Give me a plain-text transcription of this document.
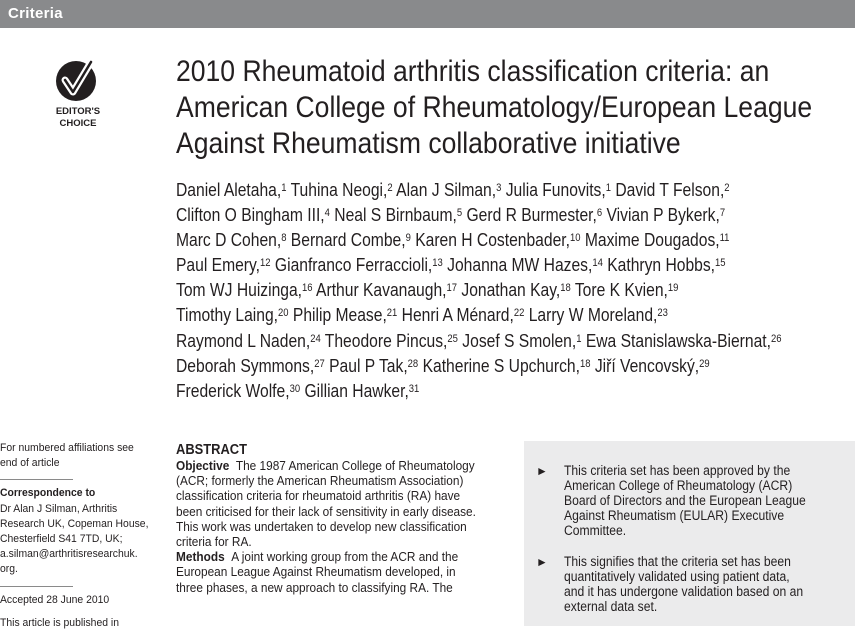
Criteria
EDITOR'S
CHOICE
2010 Rheumatoid arthritis classification criteria: an
American College of Rheumatology/European League
Against Rheumatism collaborative initiative
Daniel Aletaha,$^1$ Tuhina Neogi,$^2$ Alan J Silman,$^3$ Julia Funovits,$^1$ David T Felson,$^2$
Clifton O Bingham III,$^4$ Neal S Birnbaum,$^5$ Gerd R Burmester,$^6$ Vivian P Bykerk,$^7$
Marc D Cohen,$^8$ Bernard Combe,$^9$ Karen H Costenbader,$^{10}$ Maxime Dougados,$^{11}$
Paul Emery,$^{12}$ Gianfranco Ferraccioli,$^{13}$ Johanna MW Hazes,$^{14}$ Kathryn Hobbs,$^{15}$
Tom WJ Huizinga,$^{16}$ Arthur Kavanaugh,$^{17}$ Jonathan Kay,$^{18}$ Tore K Kvien,$^{19}$
Timothy Laing,$^{20}$ Philip Mease,$^{21}$ Henri A Ménard,$^{22}$ Larry W Moreland,$^{23}$
Raymond L Naden,$^{24}$ Theodore Pincus,$^{25}$ Josef S Smolen,$^1$ Ewa Stanislawska-Biernat,$^{26}$
Deborah Symmons,$^{27}$ Paul P Tak,$^{28}$ Katherine S Upchurch,$^{18}$ Jiří Vencovský,$^{29}$
Frederick Wolfe,$^{30}$ Gillian Hawker,$^{31}$
For numbered affiliations see
end of article
Correspondence to
Dr Alan J Silman, Arthritis
Research UK, Copeman House,
Chesterfield S41 7TD, UK;
a.silman@arthritisresearchuk.
org.
Accepted 28 June 2010
This article is published in
ABSTRACT
Objective The 1987 American College of Rheumatology
(ACR; formerly the American Rheumatism Association)
classification criteria for rheumatoid arthritis (RA) have
been criticised for their lack of sensitivity in early disease.
This work was undertaken to develop new classification
criteria for RA.
Methods A joint working group from the ACR and the
European League Against Rheumatism developed, in
three phases, a new approach to classifying RA. The
► This criteria set has been approved by the
American College of Rheumatology (ACR)
Board of Directors and the European League
Against Rheumatism (EULAR) Executive
Committee.
► This signifies that the criteria set has been
quantitatively validated using patient data,
and it has undergone validation based on an
external data set.
